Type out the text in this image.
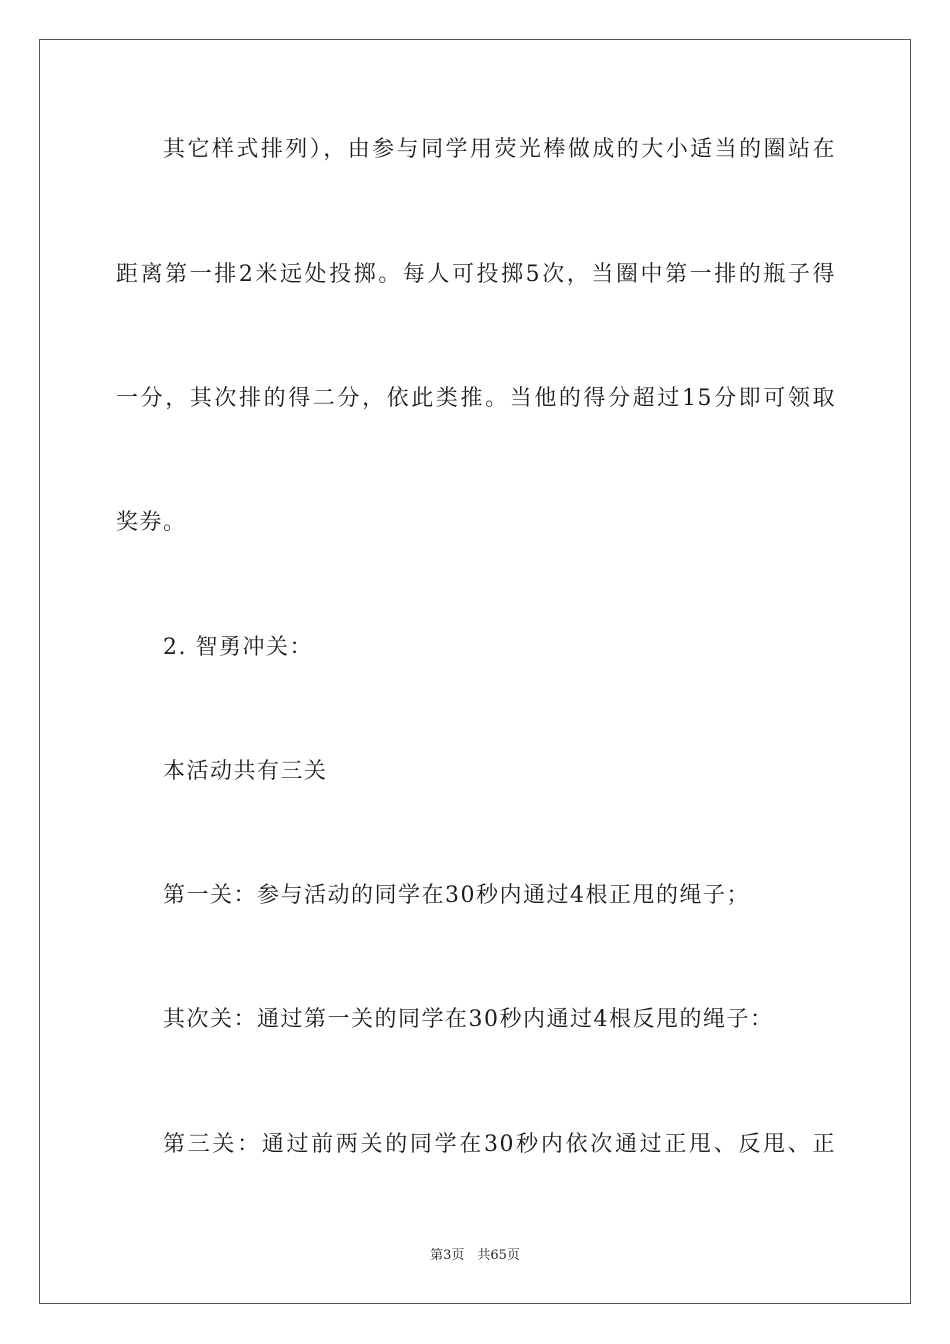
其它样式排列），由参与同学用荧光棒做成的大小适当的圈站在
距离第一排2米远处投掷。每人可投掷5次，当圈中第一排的瓶子得
一分，其次排的得二分，依此类推。当他的得分超过15分即可领取
奖券。
2. 智勇冲关：
本活动共有三关
第一关：参与活动的同学在30秒内通过4根正甩的绳子；
其次关：通过第一关的同学在30秒内通过4根反甩的绳子：
第三关：通过前两关的同学在30秒内依次通过正甩、反甩、正
第3页　共65页
